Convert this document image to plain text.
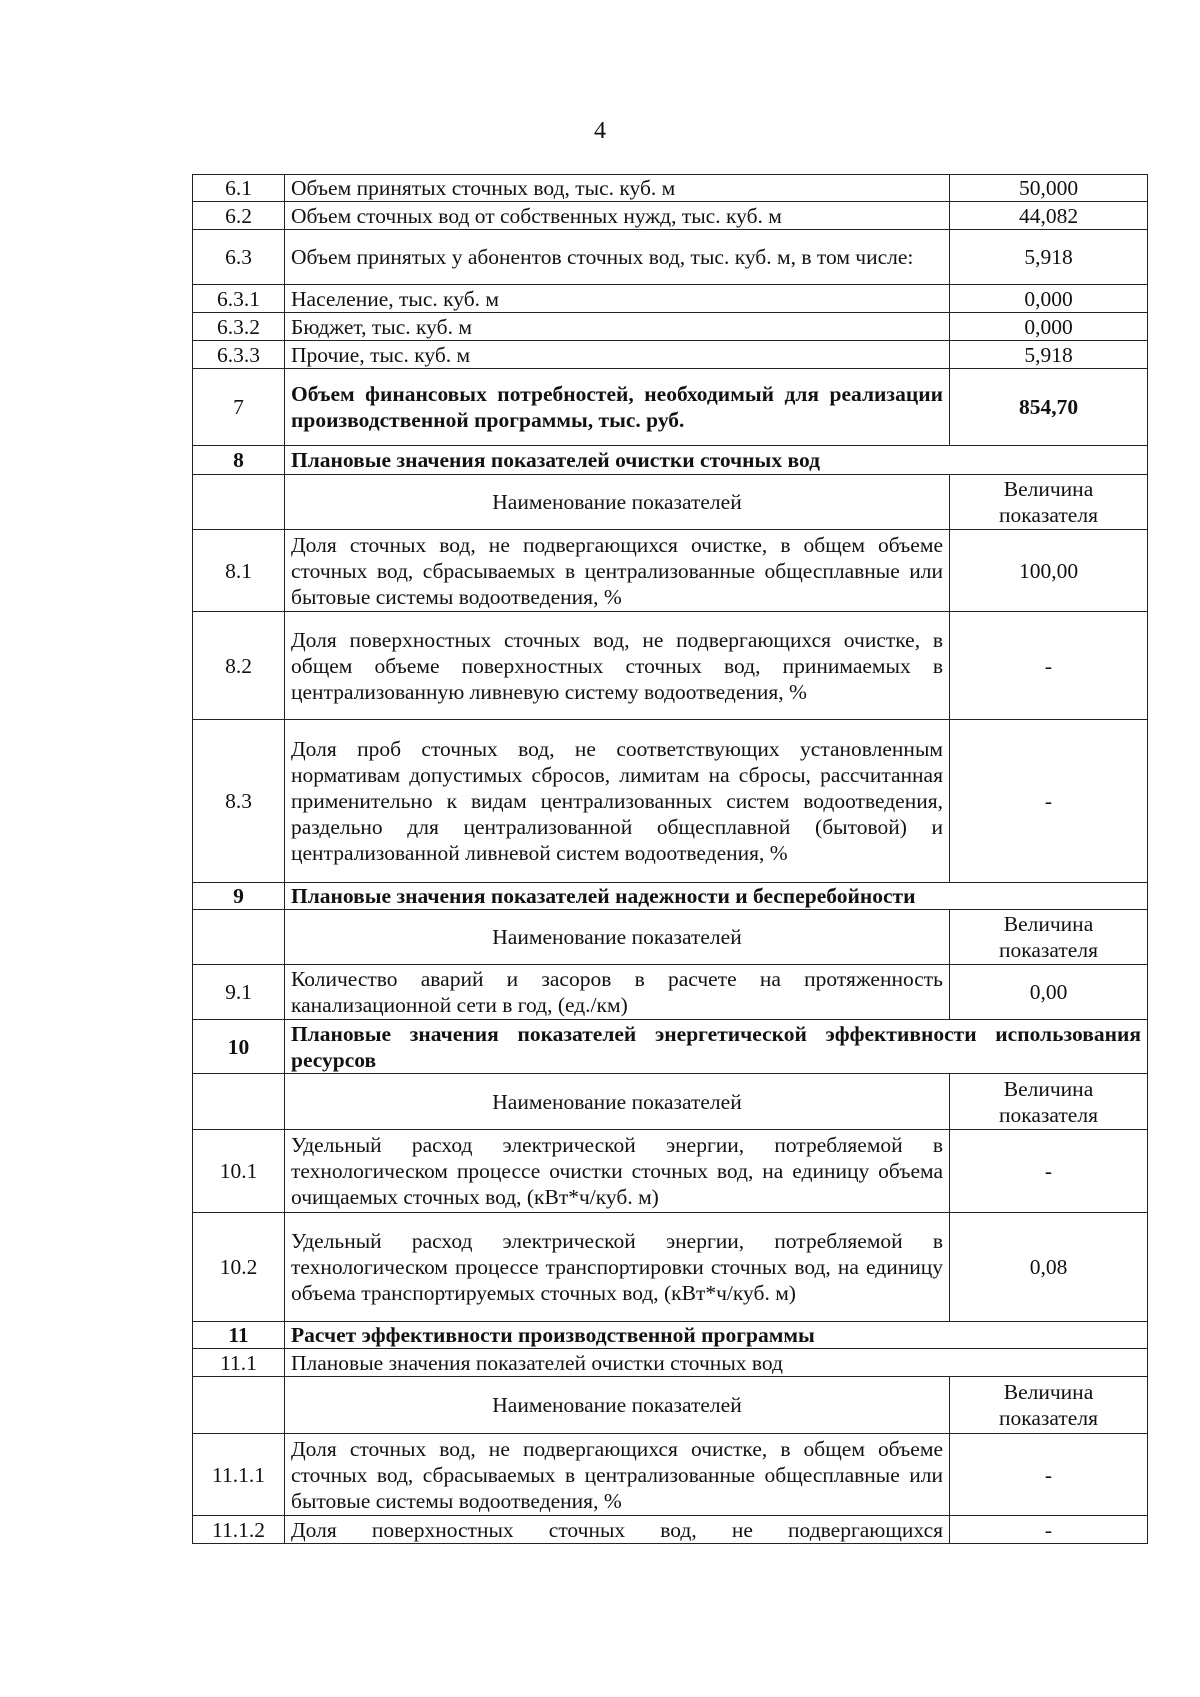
4
6.1	Объем принятых сточных вод, тыс. куб. м	50,000
6.2	Объем сточных вод от собственных нужд, тыс. куб. м	44,082
6.3	Объем принятых у абонентов сточных вод, тыс. куб. м, в том числе:	5,918
6.3.1	Население, тыс. куб. м	0,000
6.3.2	Бюджет, тыс. куб. м	0,000
6.3.3	Прочие, тыс. куб. м	5,918
7	Объем финансовых потребностей, необходимый для реализации производственной программы, тыс. руб.	854,70
8	Плановые значения показателей очистки сточных вод	
	Наименование показателей	Величина показателя
8.1	Доля сточных вод, не подвергающихся очистке, в общем объеме сточных вод, сбрасываемых в централизованные общесплавные или бытовые системы водоотведения, %	100,00
8.2	Доля поверхностных сточных вод, не подвергающихся очистке, в общем объеме поверхностных сточных вод, принимаемых в централизованную ливневую систему водоотведения, %	-
8.3	Доля проб сточных вод, не соответствующих установленным нормативам допустимых сбросов, лимитам на сбросы, рассчитанная применительно к видам централизованных систем водоотведения, раздельно для централизованной общесплавной (бытовой) и централизованной ливневой систем водоотведения, %	-
9	Плановые значения показателей надежности и бесперебойности	
	Наименование показателей	Величина показателя
9.1	Количество аварий и засоров в расчете на протяженность канализационной сети в год, (ед./км)	0,00
10	Плановые значения показателей энергетической эффективности использования ресурсов	
	Наименование показателей	Величина показателя
10.1	Удельный расход электрической энергии, потребляемой в технологическом процессе очистки сточных вод, на единицу объема очищаемых сточных вод, (кВт*ч/куб. м)	-
10.2	Удельный расход электрической энергии, потребляемой в технологическом процессе транспортировки сточных вод, на единицу объема транспортируемых сточных вод, (кВт*ч/куб. м)	0,08
11	Расчет эффективности производственной программы	
11.1	Плановые значения показателей очистки сточных вод	
	Наименование показателей	Величина показателя
11.1.1	Доля сточных вод, не подвергающихся очистке, в общем объеме сточных вод, сбрасываемых в централизованные общесплавные или бытовые системы водоотведения, %	-
11.1.2	Доля поверхностных сточных вод, не подвергающихся	-
